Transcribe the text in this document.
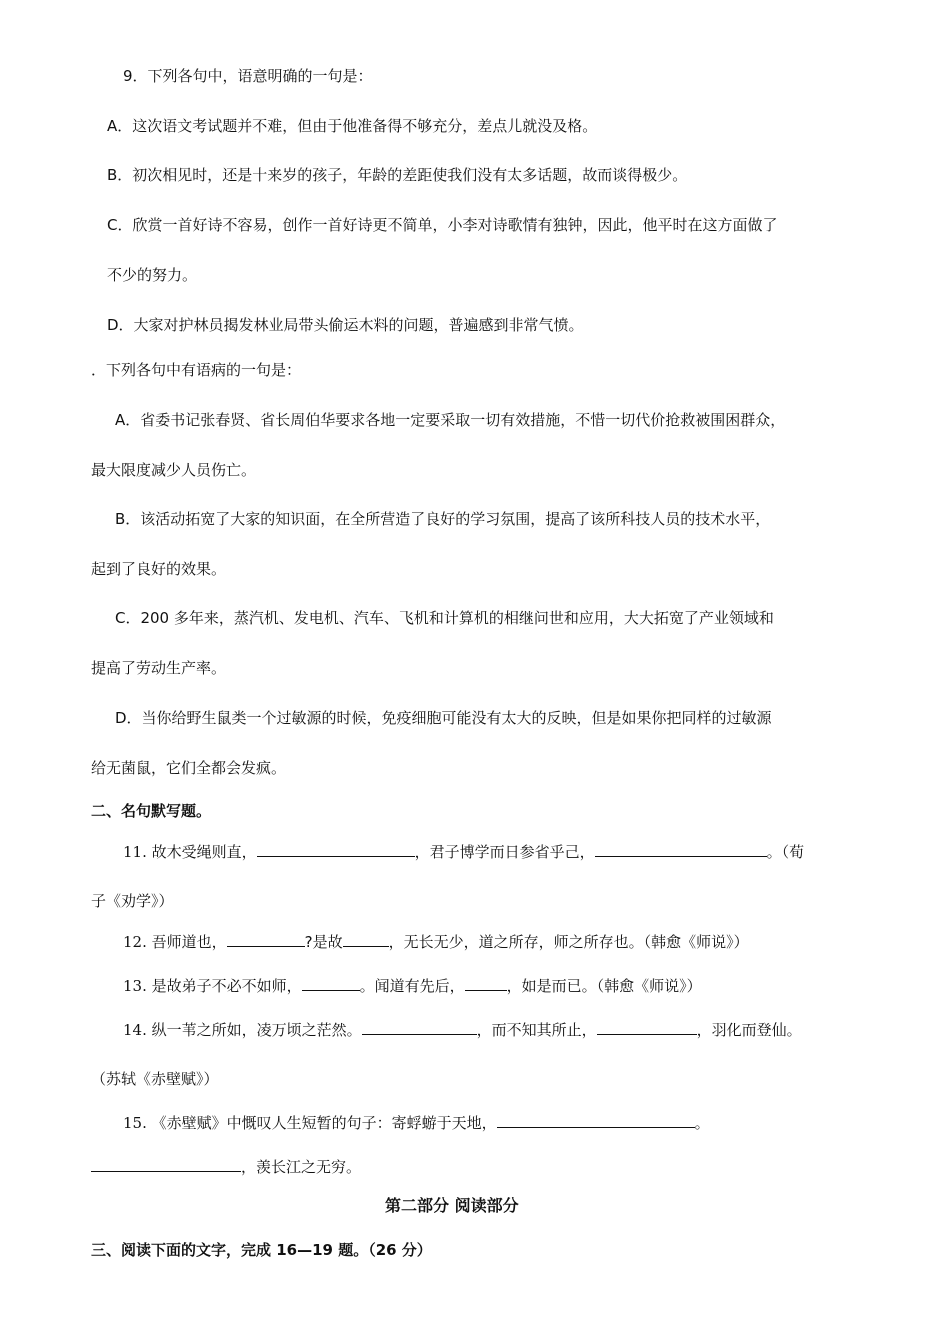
9．下列各句中，语意明确的一句是：
A．这次语文考试题并不难，但由于他准备得不够充分，差点儿就没及格。
B．初次相见时，还是十来岁的孩子，年龄的差距使我们没有太多话题，故而谈得极少。
C．欣赏一首好诗不容易，创作一首好诗更不简单，小李对诗歌情有独钟，因此，他平时在这方面做了
不少的努力。
D．大家对护林员揭发林业局带头偷运木料的问题，普遍感到非常气愤。
．下列各句中有语病的一句是：
A．省委书记张春贤、省长周伯华要求各地一定要采取一切有效措施，不惜一切代价抢救被围困群众，
最大限度减少人员伤亡。
B．该活动拓宽了大家的知识面，在全所营造了良好的学习氛围，提高了该所科技人员的技术水平，
起到了良好的效果。
C．200 多年来，蒸汽机、发电机、汽车、飞机和计算机的相继问世和应用，大大拓宽了产业领域和
提高了劳动生产率。
D．当你给野生鼠类一个过敏源的时候，免疫细胞可能没有太大的反映，但是如果你把同样的过敏源
给无菌鼠，它们全都会发疯。
二、名句默写题。
11. 故木受绳则直，	，君子博学而日参省乎己，	。（荀
子《劝学》）
12. 吾师道也，	?是故	，无长无少，道之所存，师之所存也。（韩愈《师说》）
13. 是故弟子不必不如师，	。闻道有先后，	，如是而已。（韩愈《师说》）
14. 纵一苇之所如，凌万顷之茫然。	，而不知其所止，	，羽化而登仙。
（苏轼《赤壁赋》）
15. 《赤壁赋》中慨叹人生短暂的句子：寄蜉蝣于天地，	。
，羡长江之无穷。
第二部分 阅读部分
三、阅读下面的文字，完成 16—19 题。（26 分）
